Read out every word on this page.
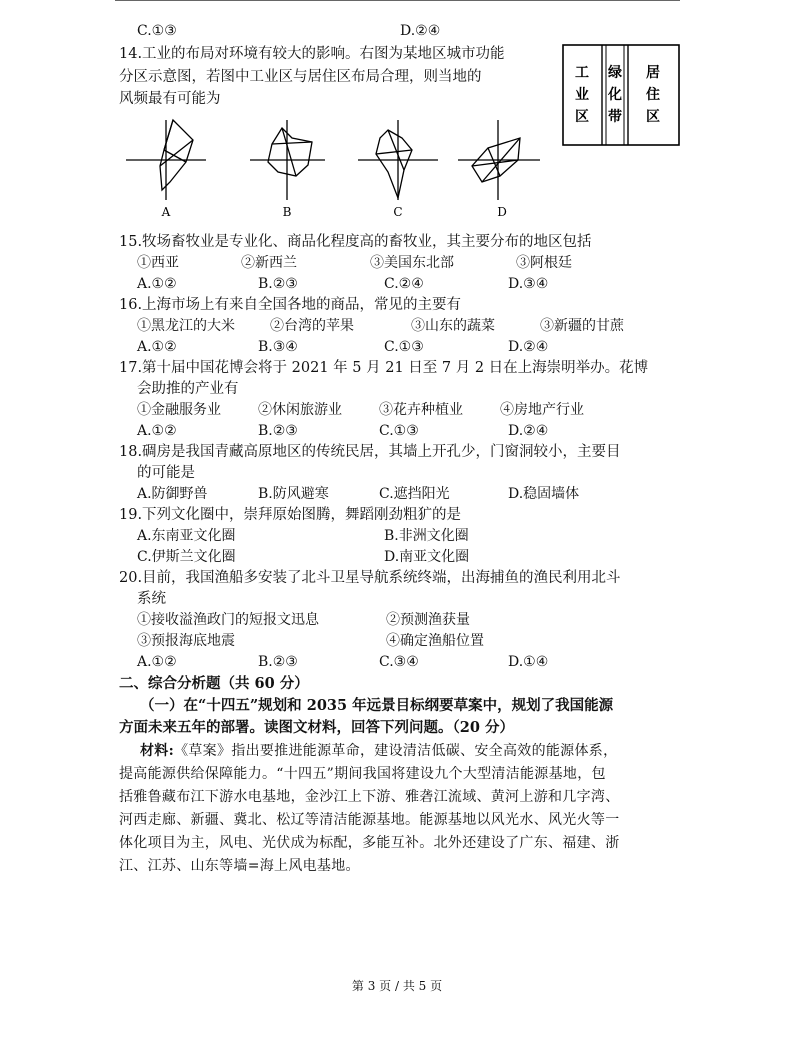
C.①③	D.②④
14.工业的布局对环境有较大的影响。右图为某地区城市功能
分区示意图，若图中工业区与居住区布局合理，则当地的
风频最有可能为
工
业
区
绿
化
带
居
住
区
A	B	C	D
15.牧场畜牧业是专业化、商品化程度高的畜牧业，其主要分布的地区包括
①西亚	②新西兰	③美国东北部	③阿根廷
A.①②	B.②③	C.②④	D.③④
16.上海市场上有来自全国各地的商品，常见的主要有
①黑龙江的大米	②台湾的苹果	③山东的蔬菜	③新疆的甘蔗
A.①②	B.③④	C.①③	D.②④
17.第十届中国花博会将于 2021 年 5 月 21 日至 7 月 2 日在上海崇明举办。花博
会助推的产业有
①金融服务业	②休闲旅游业	③花卉种植业	④房地产行业
A.①②	B.②③	C.①③	D.②④
18.碉房是我国青藏高原地区的传统民居，其墙上开孔少，门窗洞较小，主要目
的可能是
A.防御野兽	B.防风避寒	C.遮挡阳光	D.稳固墙体
19.下列文化圈中，崇拜原始图腾，舞蹈刚劲粗犷的是
A.东南亚文化圈	B.非洲文化圈
C.伊斯兰文化圈	D.南亚文化圈
20.目前，我国渔船多安装了北斗卫星导航系统终端，出海捕鱼的渔民利用北斗
系统
①接收溢渔政门的短报文迅息	②预测渔获量
③预报海底地震	④确定渔船位置
A.①②	B.②③	C.③④	D.①④
二、综合分析题（共 60 分）
（一）在“十四五”规划和 2035 年远景目标纲要草案中，规划了我国能源
方面未来五年的部署。读图文材料，回答下列问题。（20 分）
材料:《草案》指出要推进能源革命，建设清洁低碳、安全高效的能源体系，
提高能源供给保障能力。“十四五”期间我国将建设九个大型清洁能源基地，包
括雅鲁藏布江下游水电基地，金沙江上下游、雅砻江流域、黄河上游和几字湾、
河西走廊、新疆、冀北、松辽等清洁能源基地。能源基地以风光水、风光火等一
体化项目为主，风电、光伏成为标配，多能互补。北外还建设了广东、福建、浙
江、江苏、山东等墙=海上风电基地。
第 3 页 / 共 5 页
